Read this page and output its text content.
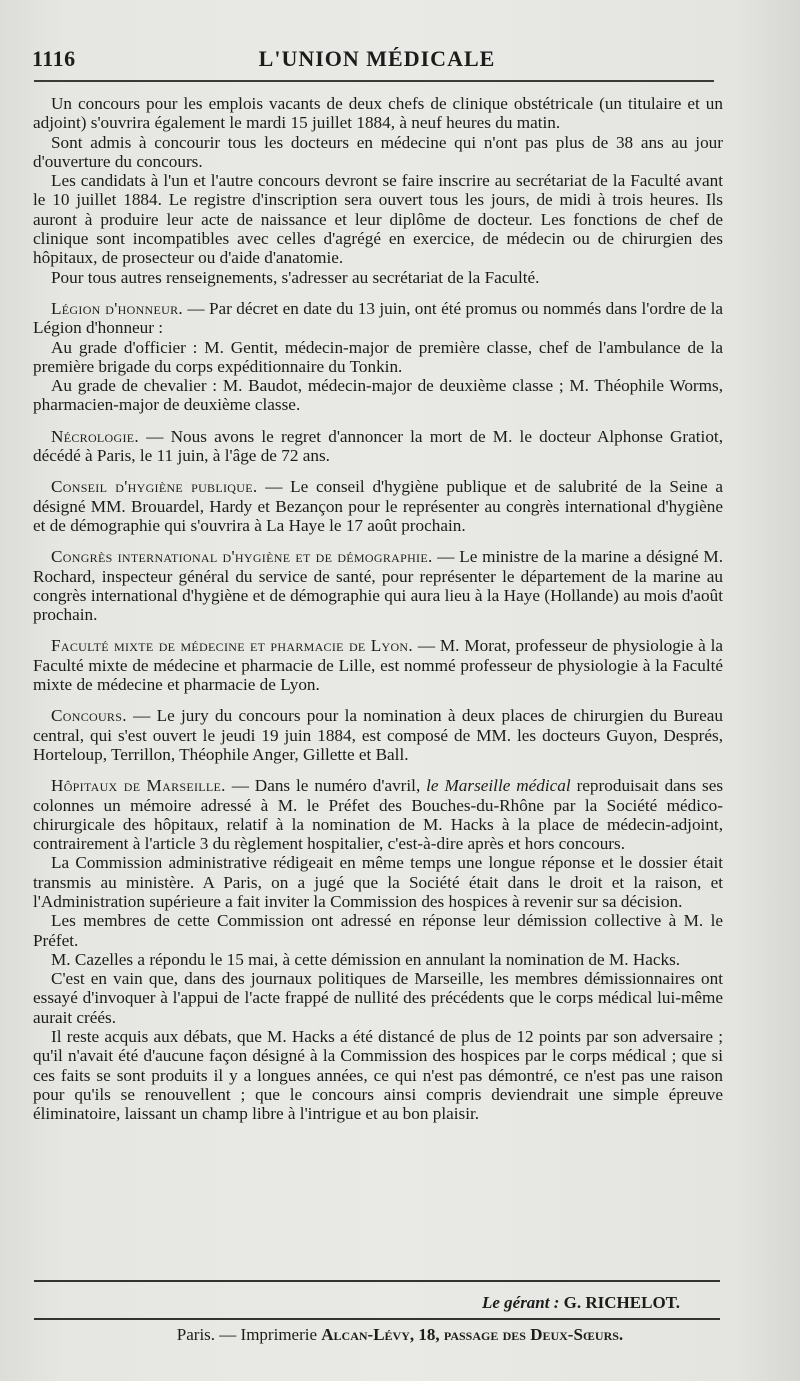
1116	L'UNION MÉDICALE

Un concours pour les emplois vacants de deux chefs de clinique obstétricale (un titulaire et un adjoint) s'ouvrira également le mardi 15 juillet 1884, à neuf heures du matin.

Sont admis à concourir tous les docteurs en médecine qui n'ont pas plus de 38 ans au jour d'ouverture du concours.

Les candidats à l'un et l'autre concours devront se faire inscrire au secrétariat de la Faculté avant le 10 juillet 1884. Le registre d'inscription sera ouvert tous les jours, de midi à trois heures. Ils auront à produire leur acte de naissance et leur diplôme de docteur. Les fonctions de chef de clinique sont incompatibles avec celles d'agrégé en exercice, de médecin ou de chirurgien des hôpitaux, de prosecteur ou d'aide d'anatomie.

Pour tous autres renseignements, s'adresser au secrétariat de la Faculté.

Légion d'honneur. — Par décret en date du 13 juin, ont été promus ou nommés dans l'ordre de la Légion d'honneur :

Au grade d'officier : M. Gentit, médecin-major de première classe, chef de l'ambulance de la première brigade du corps expéditionnaire du Tonkin.

Au grade de chevalier : M. Baudot, médecin-major de deuxième classe ; M. Théophile Worms, pharmacien-major de deuxième classe.

Nécrologie. — Nous avons le regret d'annoncer la mort de M. le docteur Alphonse Gratiot, décédé à Paris, le 11 juin, à l'âge de 72 ans.

Conseil d'hygiène publique. — Le conseil d'hygiène publique et de salubrité de la Seine a désigné MM. Brouardel, Hardy et Bezançon pour le représenter au congrès international d'hygiène et de démographie qui s'ouvrira à La Haye le 17 août prochain.

Congrès international d'hygiène et de démographie. — Le ministre de la marine a désigné M. Rochard, inspecteur général du service de santé, pour représenter le département de la marine au congrès international d'hygiène et de démographie qui aura lieu à la Haye (Hollande) au mois d'août prochain.

Faculté mixte de médecine et pharmacie de Lyon. — M. Morat, professeur de physiologie à la Faculté mixte de médecine et pharmacie de Lille, est nommé professeur de physiologie à la Faculté mixte de médecine et pharmacie de Lyon.

Concours. — Le jury du concours pour la nomination à deux places de chirurgien du Bureau central, qui s'est ouvert le jeudi 19 juin 1884, est composé de MM. les docteurs Guyon, Després, Horteloup, Terrillon, Théophile Anger, Gillette et Ball.

Hôpitaux de Marseille. — Dans le numéro d'avril, le Marseille médical reproduisait dans ses colonnes un mémoire adressé à M. le Préfet des Bouches-du-Rhône par la Société médico-chirurgicale des hôpitaux, relatif à la nomination de M. Hacks à la place de médecin-adjoint, contrairement à l'article 3 du règlement hospitalier, c'est-à-dire après et hors concours.

La Commission administrative rédigeait en même temps une longue réponse et le dossier était transmis au ministère. A Paris, on a jugé que la Société était dans le droit et la raison, et l'Administration supérieure a fait inviter la Commission des hospices à revenir sur sa décision.

Les membres de cette Commission ont adressé en réponse leur démission collective à M. le Préfet.

M. Cazelles a répondu le 15 mai, à cette démission en annulant la nomination de M. Hacks.

C'est en vain que, dans des journaux politiques de Marseille, les membres démissionnaires ont essayé d'invoquer à l'appui de l'acte frappé de nullité des précédents que le corps médical lui-même aurait créés.

Il reste acquis aux débats, que M. Hacks a été distancé de plus de 12 points par son adversaire ; qu'il n'avait été d'aucune façon désigné à la Commission des hospices par le corps médical ; que si ces faits se sont produits il y a longues années, ce qui n'est pas démontré, ce n'est pas une raison pour qu'ils se renouvellent ; que le concours ainsi compris deviendrait une simple épreuve éliminatoire, laissant un champ libre à l'intrigue et au bon plaisir.

Le gérant : G. RICHELOT.
Paris. — Imprimerie Alcan-Lévy, 18, passage des Deux-Sœurs.
